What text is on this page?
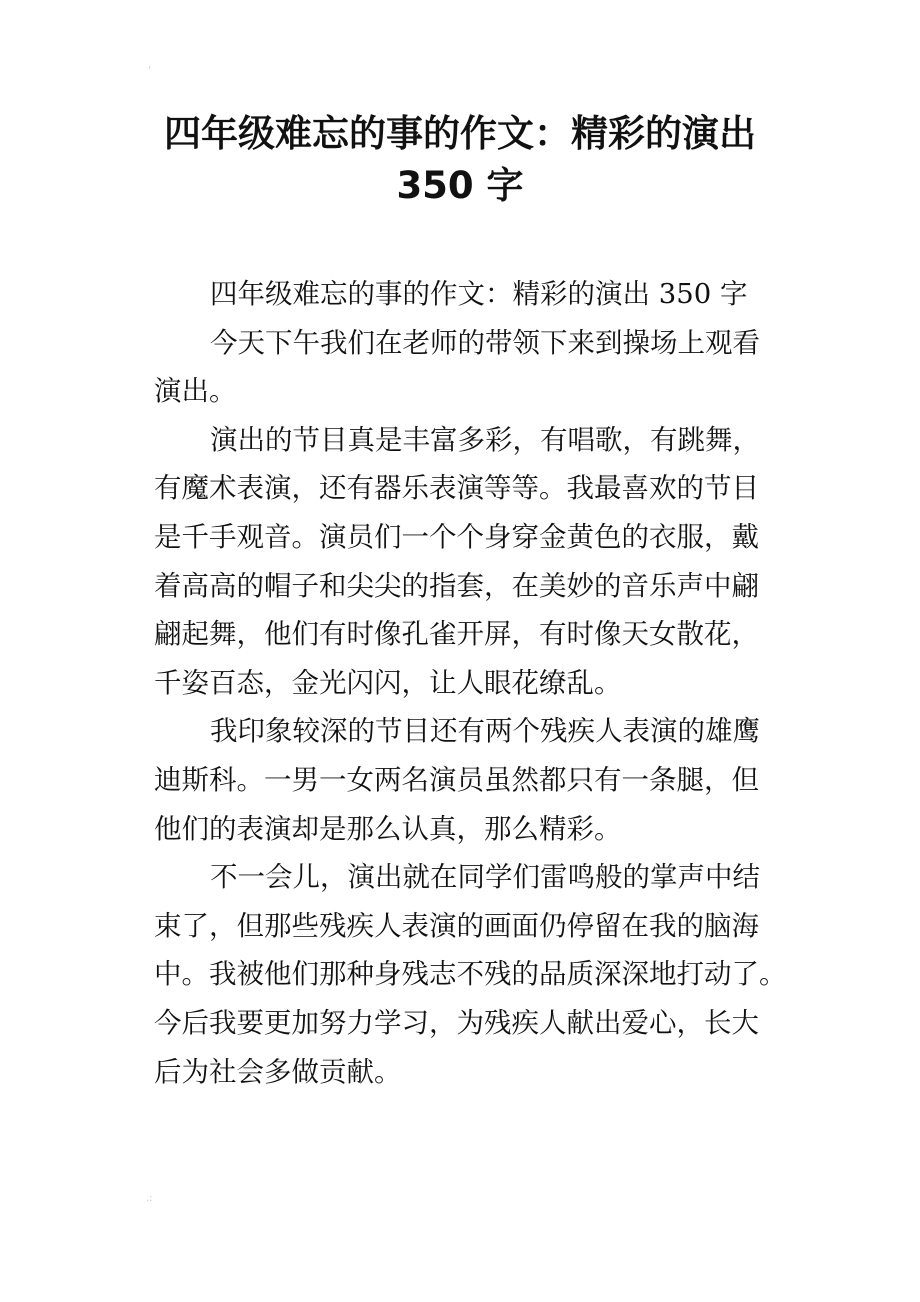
'
.:
四年级难忘的事的作文：精彩的演出
350 字
四年级难忘的事的作文：精彩的演出 350 字
今天下午我们在老师的带领下来到操场上观看
演出。
演出的节目真是丰富多彩，有唱歌，有跳舞，
有魔术表演，还有器乐表演等等。我最喜欢的节目
是千手观音。演员们一个个身穿金黄色的衣服，戴
着高高的帽子和尖尖的指套，在美妙的音乐声中翩
翩起舞，他们有时像孔雀开屏，有时像天女散花，
千姿百态，金光闪闪，让人眼花缭乱。
我印象较深的节目还有两个残疾人表演的雄鹰
迪斯科。一男一女两名演员虽然都只有一条腿，但
他们的表演却是那么认真，那么精彩。
不一会儿，演出就在同学们雷鸣般的掌声中结
束了，但那些残疾人表演的画面仍停留在我的脑海
中。我被他们那种身残志不残的品质深深地打动了。
今后我要更加努力学习，为残疾人献出爱心，长大
后为社会多做贡献。
